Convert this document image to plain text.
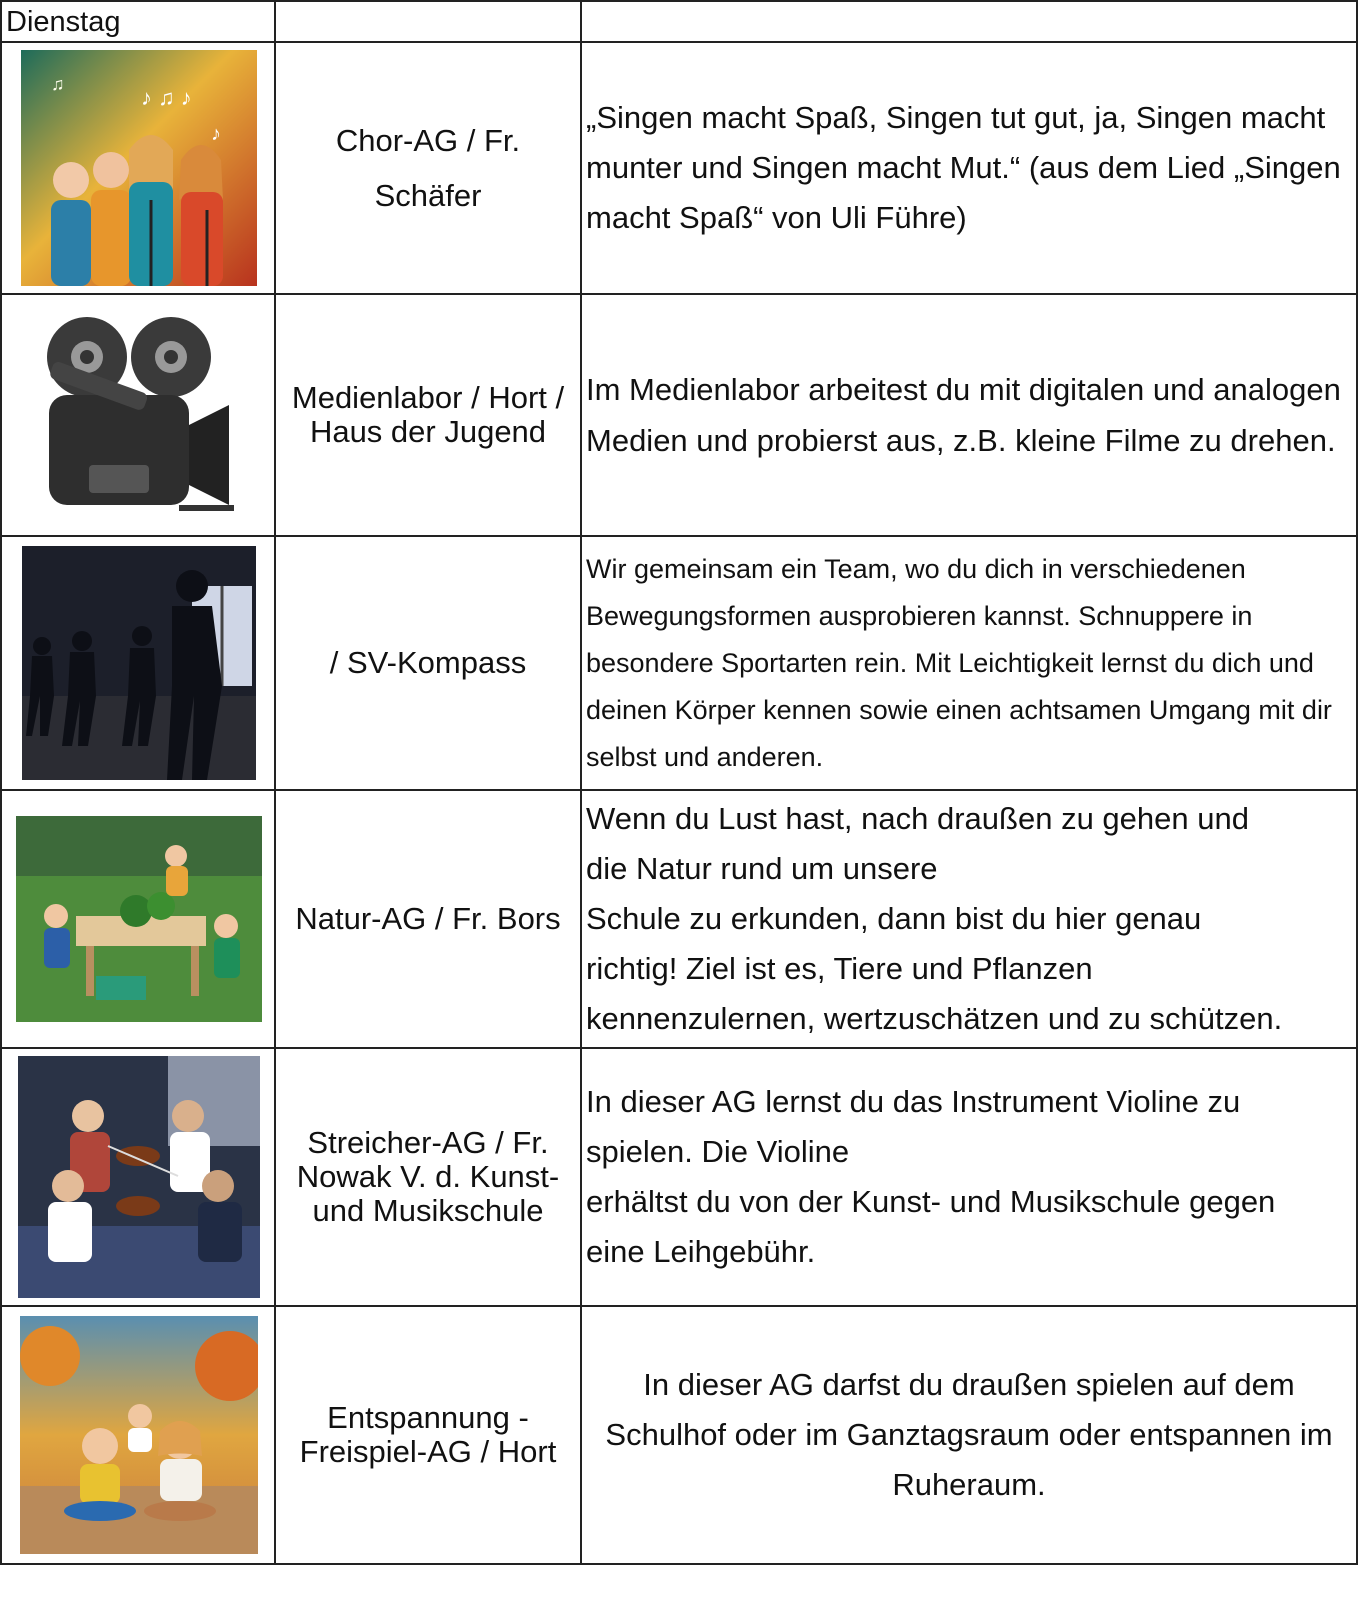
Dienstag		

♪ ♫ ♪
♫
♪	Chor-AG / Fr. Schäfer	„Singen macht Spaß, Singen tut gut, ja, Singen macht munter und Singen macht Mut.“ (aus dem Lied „Singen macht Spaß“ von Uli Führe)

Medienlabor / Hort / Haus der Jugend	Im Medienlabor arbeitest du mit digitalen und analogen Medien und probierst aus, z.B. kleine Filme zu drehen.

/ SV-Kompass	Wir gemeinsam ein Team, wo du dich in verschiedenen Bewegungsformen ausprobieren kannst. Schnuppere in besondere Sportarten rein. Mit Leichtigkeit lernst du dich und deinen Körper kennen sowie einen achtsamen Umgang mit dir selbst und anderen.

Natur-AG / Fr. Bors	Wenn du Lust hast, nach draußen zu gehen und
die Natur rund um unsere
Schule zu erkunden, dann bist du hier genau
richtig! Ziel ist es, Tiere und Pflanzen
kennenzulernen, wertzuschätzen und zu schützen.

Streicher-AG / Fr. Nowak V. d. Kunst- und Musikschule	In dieser AG lernst du das Instrument Violine zu
spielen. Die Violine
erhältst du von der Kunst- und Musikschule gegen
eine Leihgebühr.

Entspannung - Freispiel-AG / Hort	In dieser AG darfst du draußen spielen auf dem Schulhof oder im Ganztagsraum oder entspannen im Ruheraum.
